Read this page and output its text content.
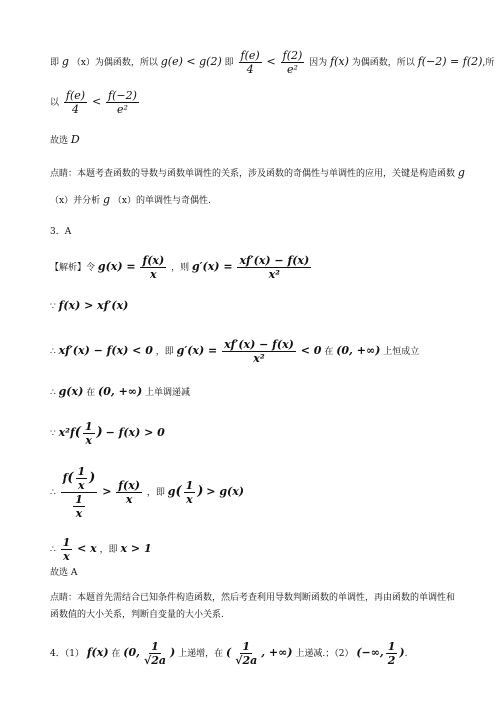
即 g （x）为偶函数，所以 g(e) < g(2) 即 $\frac{f(e)}{4} < \frac{f(2)}{\text{e²}}$ 因为 f(x) 为偶函数，所以 f(−2) = f(2),所
以 $\frac{f(e)}{4} < \frac{f(-2)}{\text{e²}}$
故选 D
点睛：本题考查函数的导数与函数单调性的关系，涉及函数的奇偶性与单调性的应用，关键是构造函数 g
（x）并分析 g （x）的单调性与奇偶性.
3．A
【解析】令 $g(x) = \frac{f(x)}{x}$ ，则 $g'(x) = \frac{xf'(x) - f(x)}{\text{x²}}$
∵ f(x) > xf′(x)
∴ xf′(x) − f(x) < 0 ，即 $g'(x) = \frac{xf'(x) - f(x)}{\text{x²}} < 0$ 在 (0, +∞) 上恒成立
∴ g(x) 在 (0, +∞) 上单调递减
∵ $x^2f( \frac{1}{x}$ ) − f(x) > 0
∴ $\frac{f( \frac{1}{x} )}{\frac{1}{x}} > \frac{f(x)}{x}$ ，即 $g( \frac{1}{x}$ ) > g(x)
∴ $\frac{1}{x} < x$ ，即 x > 1
故选 A
点睛：本题首先需结合已知条件构造函数，然后考查利用导数判断函数的单调性，再由函数的单调性和
函数值的大小关系，判断自变量的大小关系.
4．（1） f(x) 在 (0, $\frac{1}{√2a}$ ) 上递增，在 ( $\frac{1}{√2a}$ , +∞) 上递减.；（2） (−∞, $\frac{1}{2}$ ).
